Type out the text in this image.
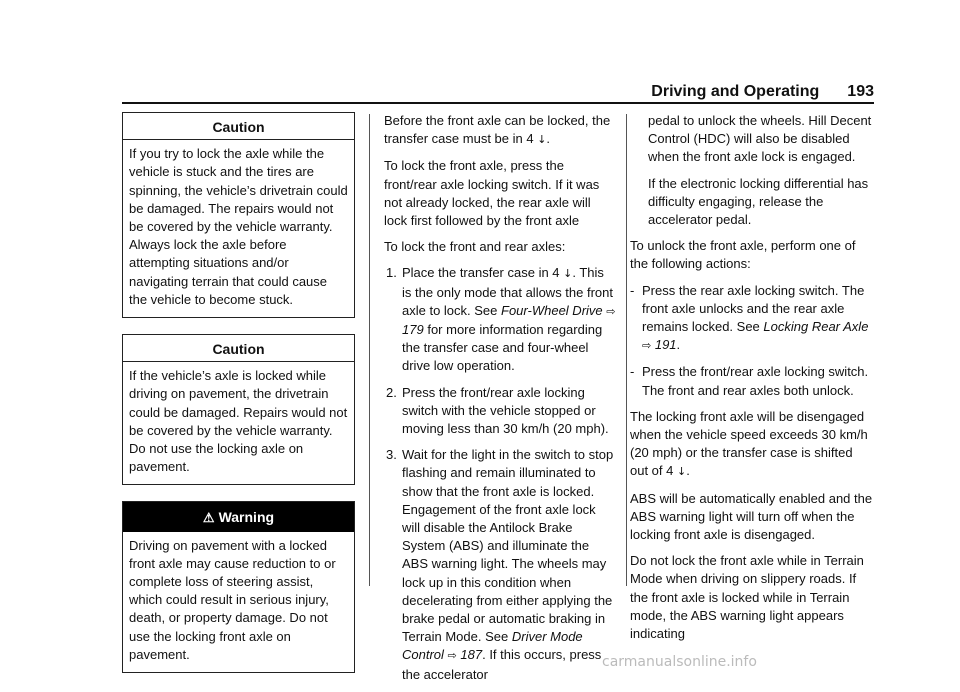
Driving and Operating 193
Caution
If you try to lock the axle while the vehicle is stuck and the tires are spinning, the vehicle’s drivetrain could be damaged. The repairs would not be covered by the vehicle warranty. Always lock the axle before attempting situations and/or navigating terrain that could cause the vehicle to become stuck.
Caution
If the vehicle’s axle is locked while driving on pavement, the drivetrain could be damaged. Repairs would not be covered by the vehicle warranty. Do not use the locking axle on pavement.
⚠ Warning
Driving on pavement with a locked front axle may cause reduction to or complete loss of steering assist, which could result in serious injury, death, or property damage. Do not use the locking front axle on pavement.

Before the front axle can be locked, the transfer case must be in 4 ↓.

To lock the front axle, press the front/rear axle locking switch. If it was not already locked, the rear axle will lock first followed by the front axle

To lock the front and rear axles:

1. Place the transfer case in 4 ↓. This is the only mode that allows the front axle to lock. See Four-Wheel Drive ⇨ 179 for more information regarding the transfer case and four-wheel drive low operation.
2. Press the front/rear axle locking switch with the vehicle stopped or moving less than 30 km/h (20 mph).
3. Wait for the light in the switch to stop flashing and remain illuminated to show that the front axle is locked. Engagement of the front axle lock will disable the Antilock Brake System (ABS) and illuminate the ABS warning light. The wheels may lock up in this condition when decelerating from either applying the brake pedal or automatic braking in Terrain Mode. See Driver Mode Control ⇨ 187. If this occurs, press the accelerator

pedal to unlock the wheels. Hill Decent Control (HDC) will also be disabled when the front axle lock is engaged.

If the electronic locking differential has difficulty engaging, release the accelerator pedal.

To unlock the front axle, perform one of the following actions:

- Press the rear axle locking switch. The front axle unlocks and the rear axle remains locked. See Locking Rear Axle ⇨ 191.
- Press the front/rear axle locking switch. The front and rear axles both unlock.

The locking front axle will be disengaged when the vehicle speed exceeds 30 km/h (20 mph) or the transfer case is shifted out of 4 ↓.

ABS will be automatically enabled and the ABS warning light will turn off when the locking front axle is disengaged.

Do not lock the front axle while in Terrain Mode when driving on slippery roads. If the front axle is locked while in Terrain mode, the ABS warning light appears indicating

carmanualsonline.info
